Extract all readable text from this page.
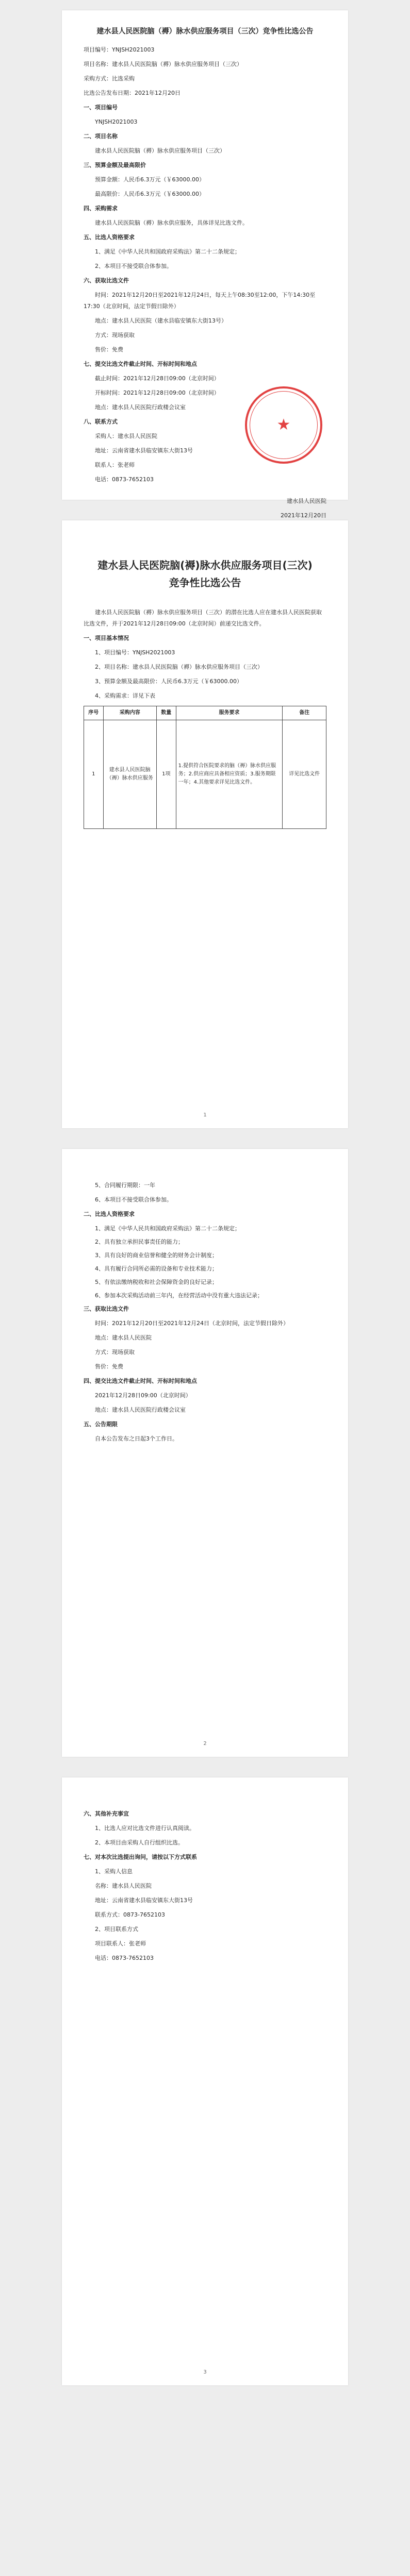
建水县人民医院脑（褥）脉水供应服务项目（三次）竞争性比选公告

项目编号：YNJSH2021003

项目名称：建水县人民医院脑（褥）脉水供应服务项目（三次）

采购方式：比选采购

比选公告发布日期：2021年12月20日

一、项目编号

YNJSH2021003

二、项目名称

建水县人民医院脑（褥）脉水供应服务项目（三次）

三、预算金额及最高限价

预算金额：人民币6.3万元（￥63000.00）

最高限价：人民币6.3万元（￥63000.00）

四、采购需求

建水县人民医院脑（褥）脉水供应服务，具体详见比选文件。

五、比选人资格要求

1、满足《中华人民共和国政府采购法》第二十二条规定；

2、本项目不接受联合体参加。

六、获取比选文件

时间：2021年12月20日至2021年12月24日，每天上午08:30至12:00，下午14:30至17:30（北京时间，法定节假日除外）

地点：建水县人民医院（建水县临安镇东大街13号）

方式：现场获取

售价：免费

七、提交比选文件截止时间、开标时间和地点

截止时间：2021年12月28日09:00（北京时间）

开标时间：2021年12月28日09:00（北京时间）

地点：建水县人民医院行政楼会议室

八、联系方式

采购人：建水县人民医院

地址：云南省建水县临安镇东大街13号

联系人：张老师

电话：0873-7652103

★

建水县人民医院

2021年12月20日

建水县人民医院脑(褥)脉水供应服务项目(三次)
竞争性比选公告

建水县人民医院脑（褥）脉水供应服务项目（三次）的潜在比选人应在建水县人民医院获取比选文件，并于2021年12月28日09:00（北京时间）前递交比选文件。

一、项目基本情况

1、项目编号：YNJSH2021003

2、项目名称：建水县人民医院脑（褥）脉水供应服务项目（三次）

3、预算金额及最高限价：人民币6.3万元（￥63000.00）

4、采购需求：详见下表

序号	采购内容	数量	服务要求	备注
1	建水县人民医院脑（褥）脉水供应服务	1项	1.提供符合医院要求的脑（褥）脉水供应服务；2.供应商应具备相应资质；3.服务期限一年；4.其他要求详见比选文件。	详见比选文件
1

5、合同履行期限：一年

6、本项目不接受联合体参加。

二、比选人资格要求

1、满足《中华人民共和国政府采购法》第二十二条规定；

2、具有独立承担民事责任的能力；

3、具有良好的商业信誉和健全的财务会计制度；

4、具有履行合同所必需的设备和专业技术能力；

5、有依法缴纳税收和社会保障资金的良好记录；

6、参加本次采购活动前三年内，在经营活动中没有重大违法记录；

三、获取比选文件

时间：2021年12月20日至2021年12月24日（北京时间，法定节假日除外）

地点：建水县人民医院

方式：现场获取

售价：免费

四、提交比选文件截止时间、开标时间和地点

2021年12月28日09:00（北京时间）

地点：建水县人民医院行政楼会议室

五、公告期限

自本公告发布之日起3个工作日。

2

六、其他补充事宜

1、比选人应对比选文件进行认真阅读。

2、本项目由采购人自行组织比选。

七、对本次比选提出询问，请按以下方式联系

1、采购人信息

名称：建水县人民医院

地址：云南省建水县临安镇东大街13号

联系方式：0873-7652103

2、项目联系方式

项目联系人：张老师

电话：0873-7652103

3
